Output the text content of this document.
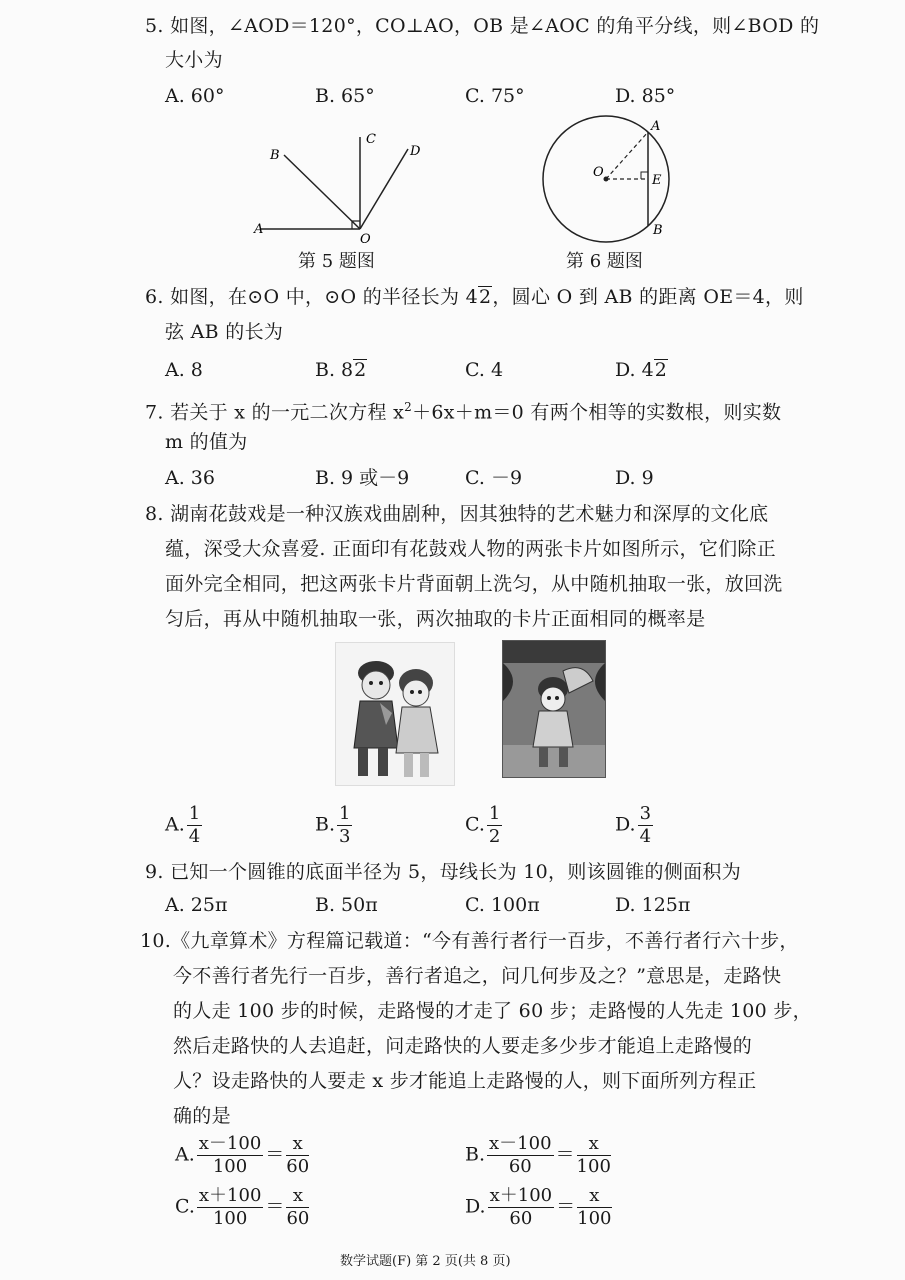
5. 如图，∠AOD＝120°，CO⊥AO，OB 是∠AOC 的角平分线，则∠BOD 的
大小为
A. 60°	B. 65°	C. 75°	D. 85°
A
B
C
D
O
第 5 题图
A
B
O
E
第 6 题图
6. 如图，在⊙O 中，⊙O 的半径长为 42，圆心 O 到 AB 的距离 OE＝4，则
弦 AB 的长为
A. 8	B. 82	C. 4	D. 42
7. 若关于 x 的一元二次方程 $x^2+6x+m=0$ 有两个相等的实数根，则实数
m 的值为
A. 36	B. 9 或－9	C. －9	D. 9
8. 湖南花鼓戏是一种汉族戏曲剧种，因其独特的艺术魅力和深厚的文化底
蕴，深受大众喜爱. 正面印有花鼓戏人物的两张卡片如图所示，它们除正
面外完全相同，把这两张卡片背面朝上洗匀，从中随机抽取一张，放回洗
匀后，再从中随机抽取一张，两次抽取的卡片正面相同的概率是
A. $\frac{1}{4}$	B. $\frac{1}{3}$	C. $\frac{1}{2}$	D. $\frac{3}{4}$
9. 已知一个圆锥的底面半径为 5，母线长为 10，则该圆锥的侧面积为
A. 25π	B. 50π	C. 100π	D. 125π
10.《九章算术》方程篇记载道：“今有善行者行一百步，不善行者行六十步，
今不善行者先行一百步，善行者追之，问几何步及之？”意思是，走路快
的人走 100 步的时候，走路慢的才走了 60 步；走路慢的人先走 100 步，
然后走路快的人去追赶，问走路快的人要走多少步才能追上走路慢的
人？设走路快的人要走 x 步才能追上走路慢的人，则下面所列方程正
确的是
A. $\frac{x-100}{100} = \frac{x}{60}$	B. $\frac{x-100}{60} = \frac{x}{100}$
C. $\frac{x+100}{100} = \frac{x}{60}$	D. $\frac{x+100}{60} = \frac{x}{100}$
数学试题(F) 第 2 页(共 8 页)
